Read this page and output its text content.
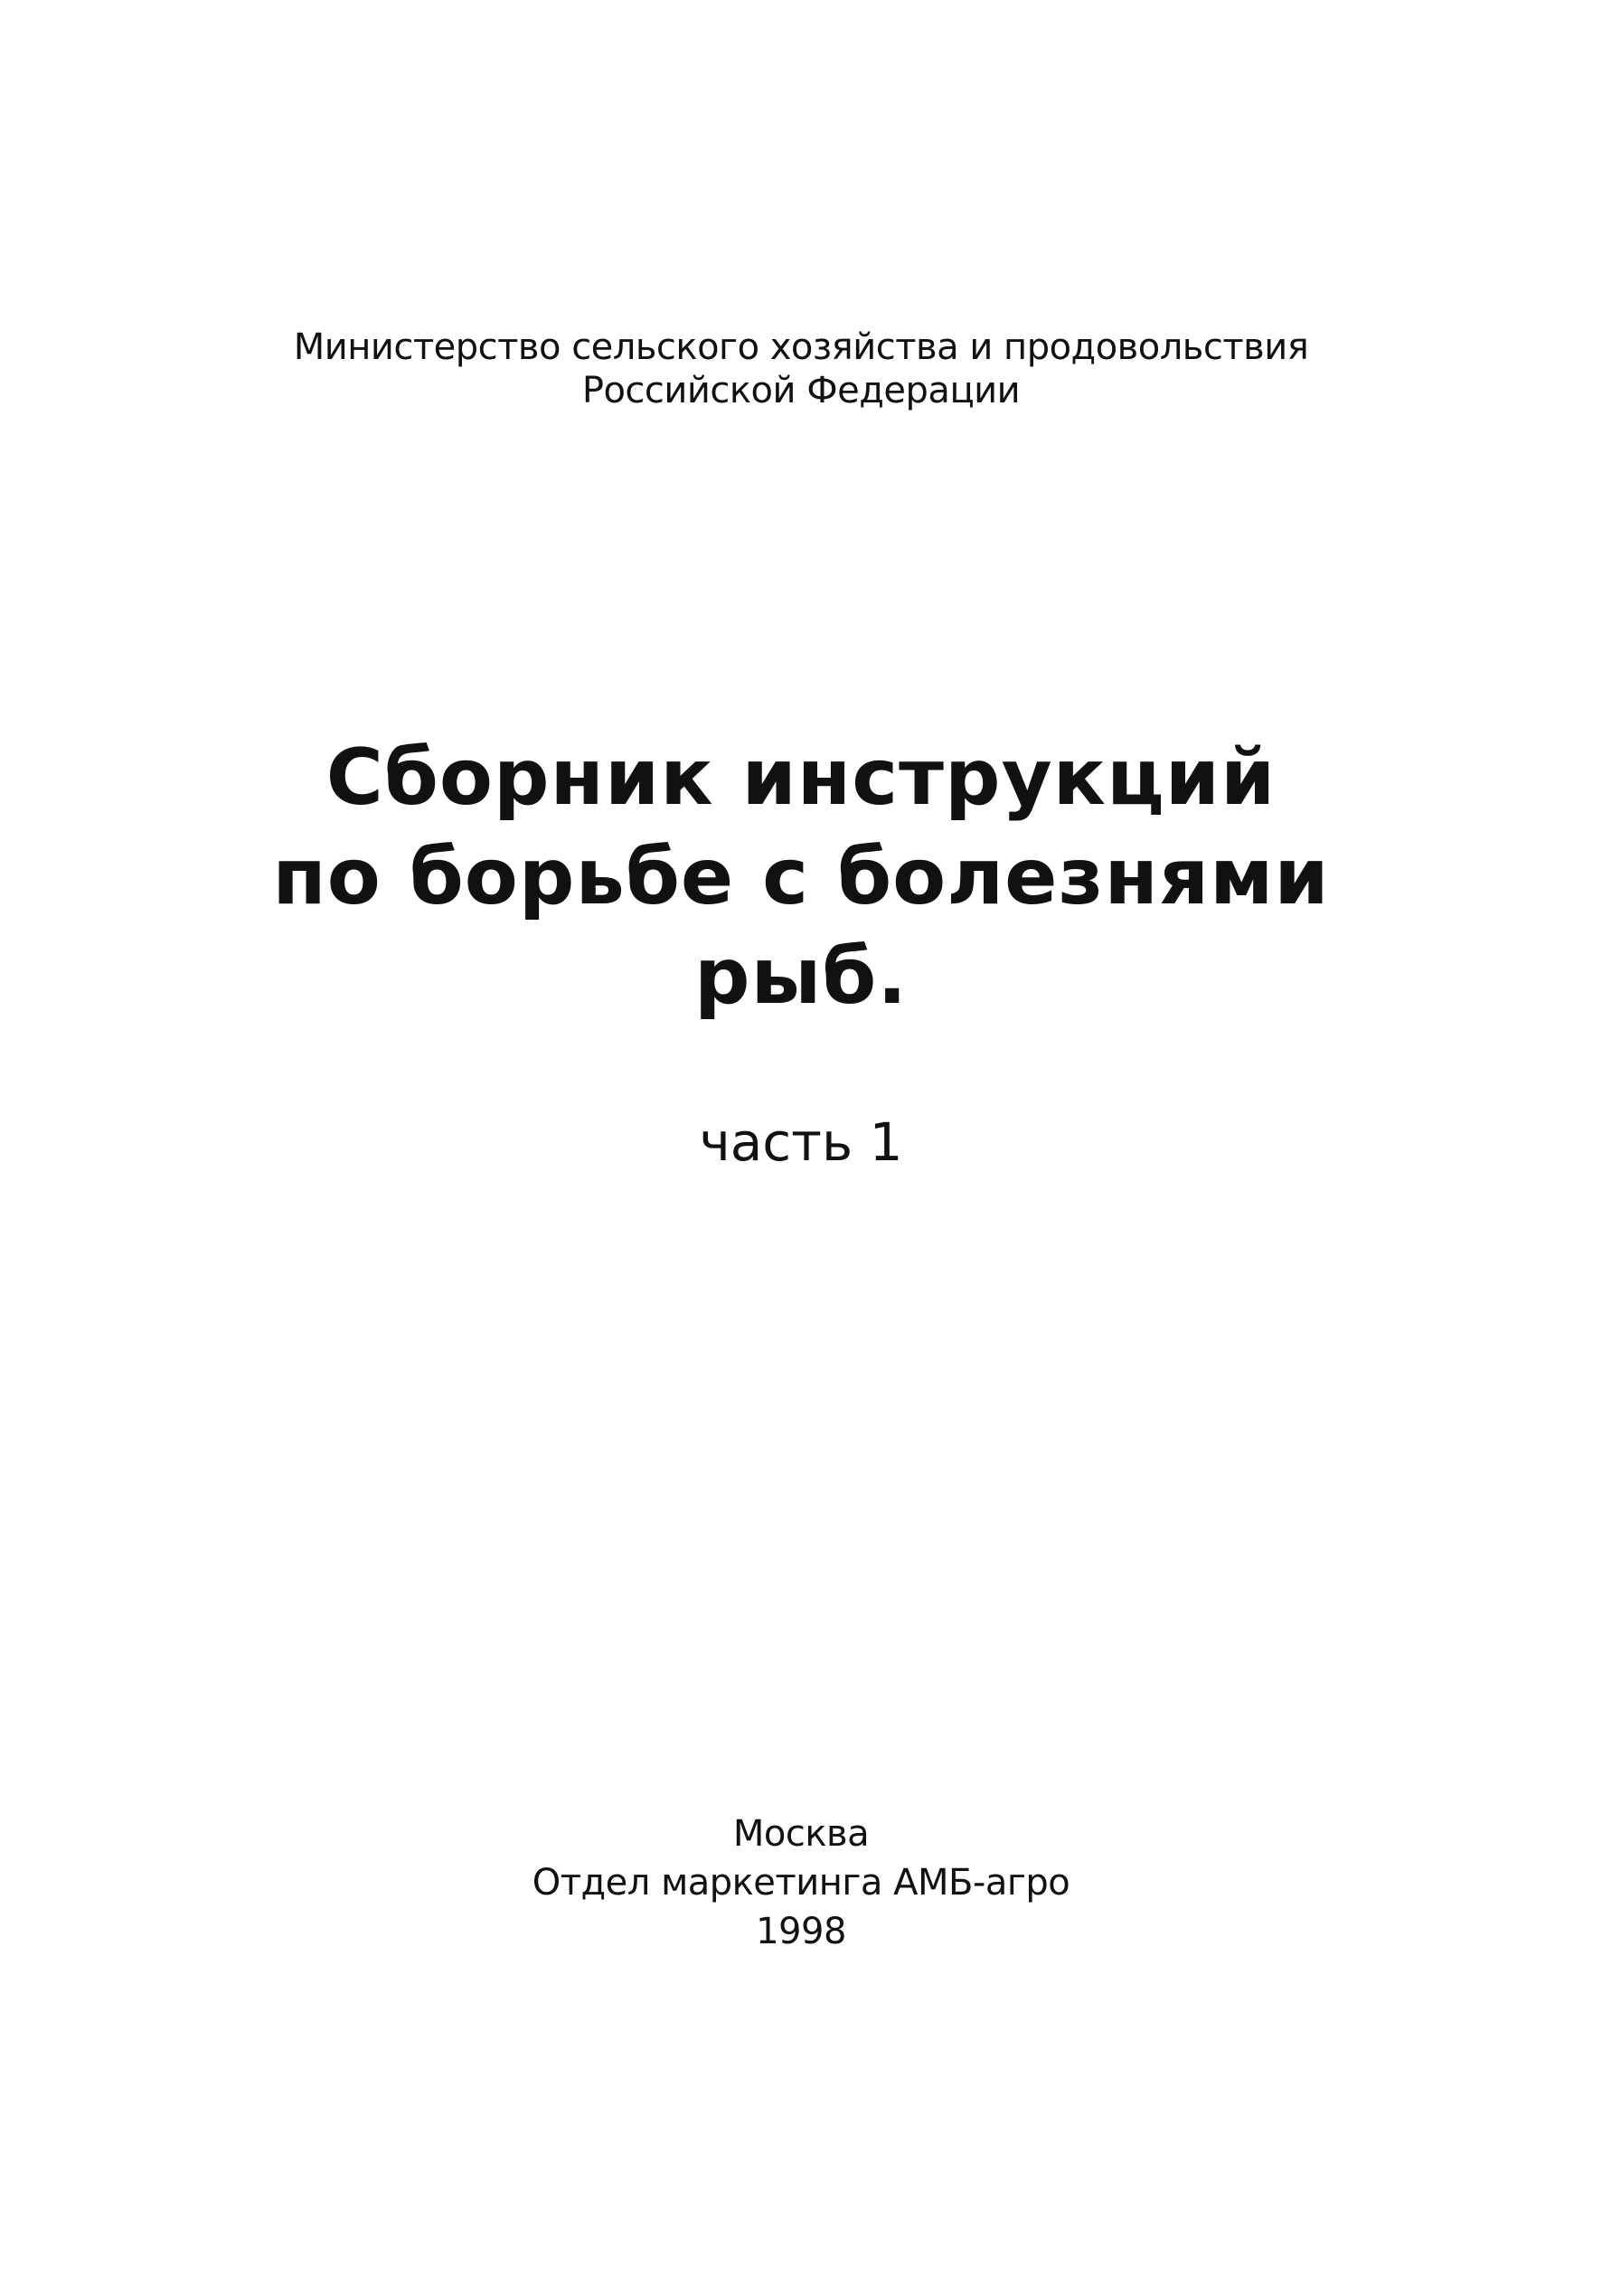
Министерство сельского хозяйства и продовольствия

Российской Федерации

Сборник инструкций
по борьбе с болезнями
рыб.

часть 1

Москва

Отдел маркетинга АМБ-агро

1998
